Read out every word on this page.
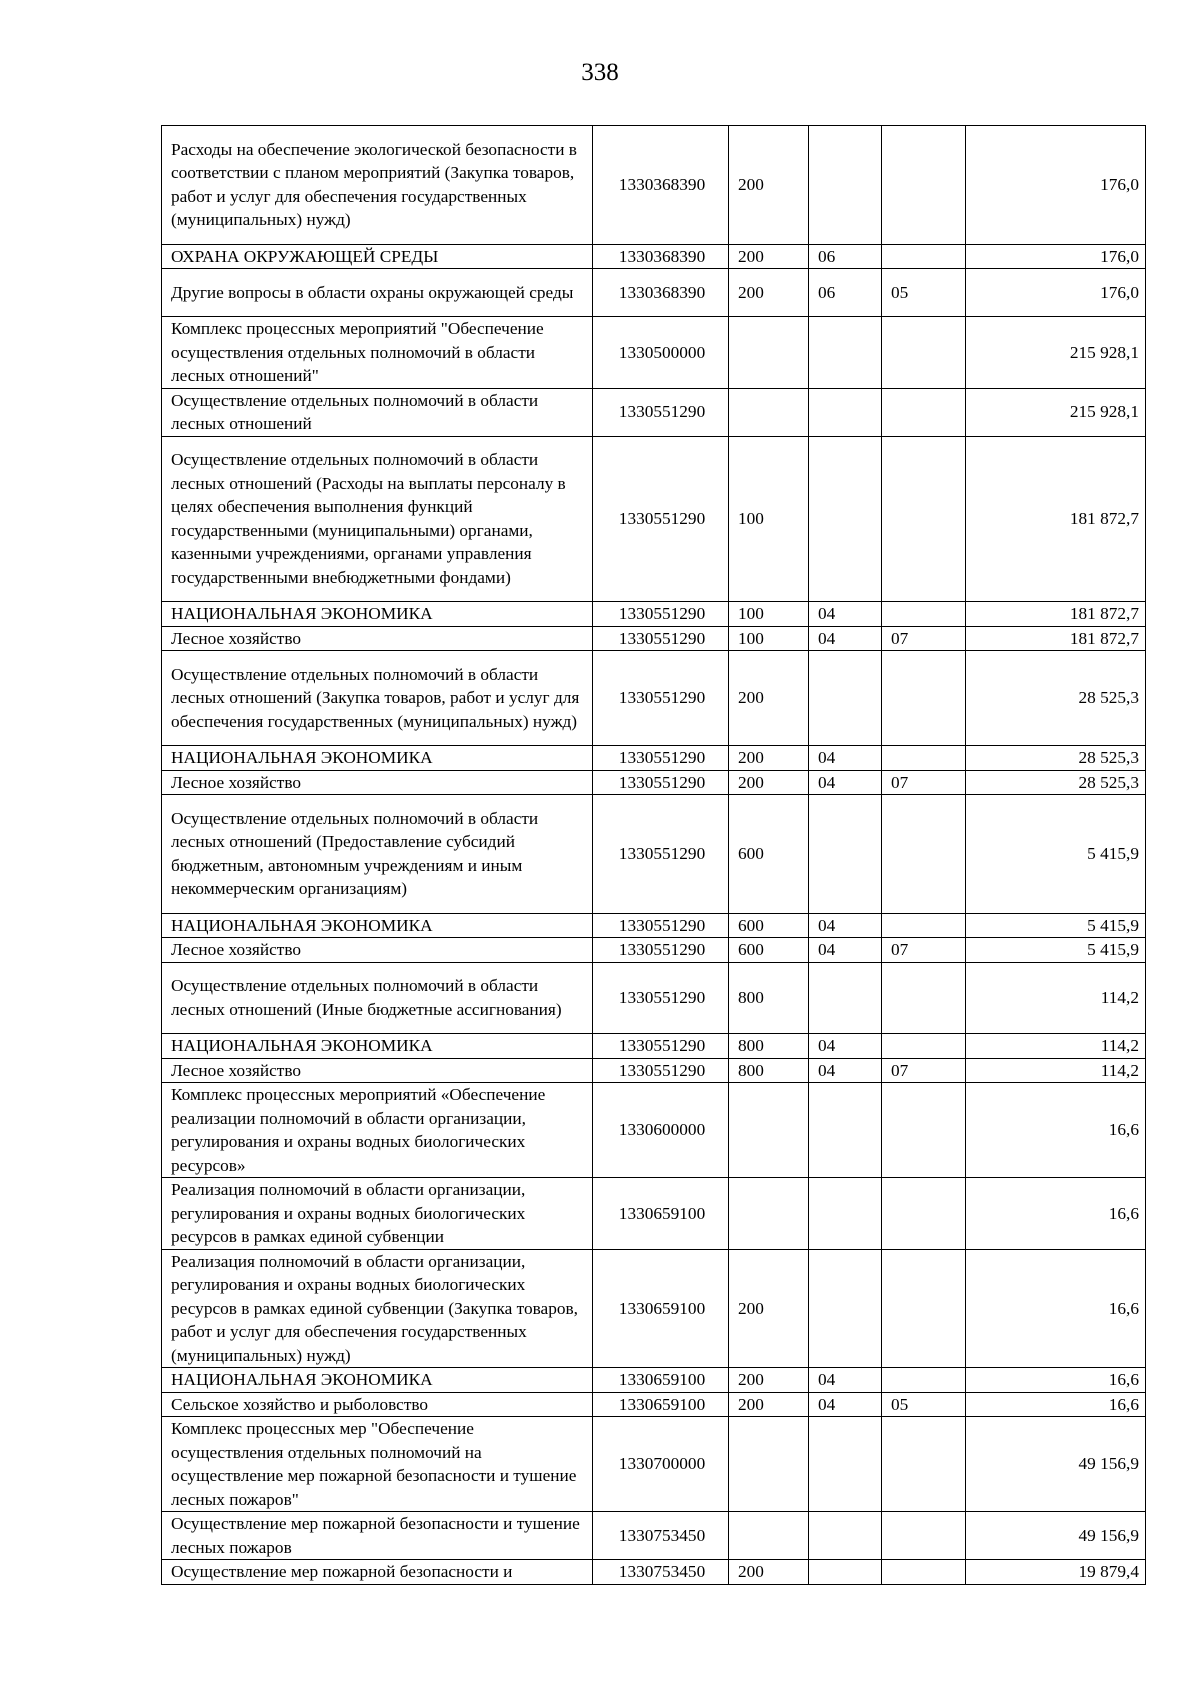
338
Расходы на обеспечение экологической безопасности в соответствии с планом мероприятий (Закупка товаров, работ и услуг для обеспечения государственных (муниципальных) нужд)	1330368390	200			176,0
ОХРАНА ОКРУЖАЮЩЕЙ СРЕДЫ	1330368390	200	06		176,0
Другие вопросы в области охраны окружающей среды	1330368390	200	06	05	176,0
Комплекс процессных мероприятий "Обеспечение осуществления отдельных полномочий в области лесных отношений"	1330500000				215 928,1
Осуществление отдельных полномочий в области лесных отношений	1330551290				215 928,1
Осуществление отдельных полномочий в области лесных отношений (Расходы на выплаты персоналу в целях обеспечения выполнения функций государственными (муниципальными) органами, казенными учреждениями, органами управления государственными внебюджетными фондами)	1330551290	100			181 872,7
НАЦИОНАЛЬНАЯ ЭКОНОМИКА	1330551290	100	04		181 872,7
Лесное хозяйство	1330551290	100	04	07	181 872,7
Осуществление отдельных полномочий в области лесных отношений (Закупка товаров, работ и услуг для обеспечения государственных (муниципальных) нужд)	1330551290	200			28 525,3
НАЦИОНАЛЬНАЯ ЭКОНОМИКА	1330551290	200	04		28 525,3
Лесное хозяйство	1330551290	200	04	07	28 525,3
Осуществление отдельных полномочий в области лесных отношений (Предоставление субсидий бюджетным, автономным учреждениям и иным некоммерческим организациям)	1330551290	600			5 415,9
НАЦИОНАЛЬНАЯ ЭКОНОМИКА	1330551290	600	04		5 415,9
Лесное хозяйство	1330551290	600	04	07	5 415,9
Осуществление отдельных полномочий в области лесных отношений (Иные бюджетные ассигнования)	1330551290	800			114,2
НАЦИОНАЛЬНАЯ ЭКОНОМИКА	1330551290	800	04		114,2
Лесное хозяйство	1330551290	800	04	07	114,2
Комплекс процессных мероприятий «Обеспечение реализации полномочий в области организации, регулирования и охраны водных биологических ресурсов»	1330600000				16,6
Реализация полномочий в области организации, регулирования и охраны водных биологических ресурсов в рамках единой субвенции	1330659100				16,6
Реализация полномочий в области организации, регулирования и охраны водных биологических ресурсов в рамках единой субвенции (Закупка товаров, работ и услуг для обеспечения государственных (муниципальных) нужд)	1330659100	200			16,6
НАЦИОНАЛЬНАЯ ЭКОНОМИКА	1330659100	200	04		16,6
Сельское хозяйство и рыболовство	1330659100	200	04	05	16,6
Комплекс процессных мер "Обеспечение осуществления отдельных полномочий на осуществление мер пожарной безопасности и тушение лесных пожаров"	1330700000				49 156,9
Осуществление мер пожарной безопасности и тушение лесных пожаров	1330753450				49 156,9
Осуществление мер пожарной безопасности и	1330753450	200			19 879,4
